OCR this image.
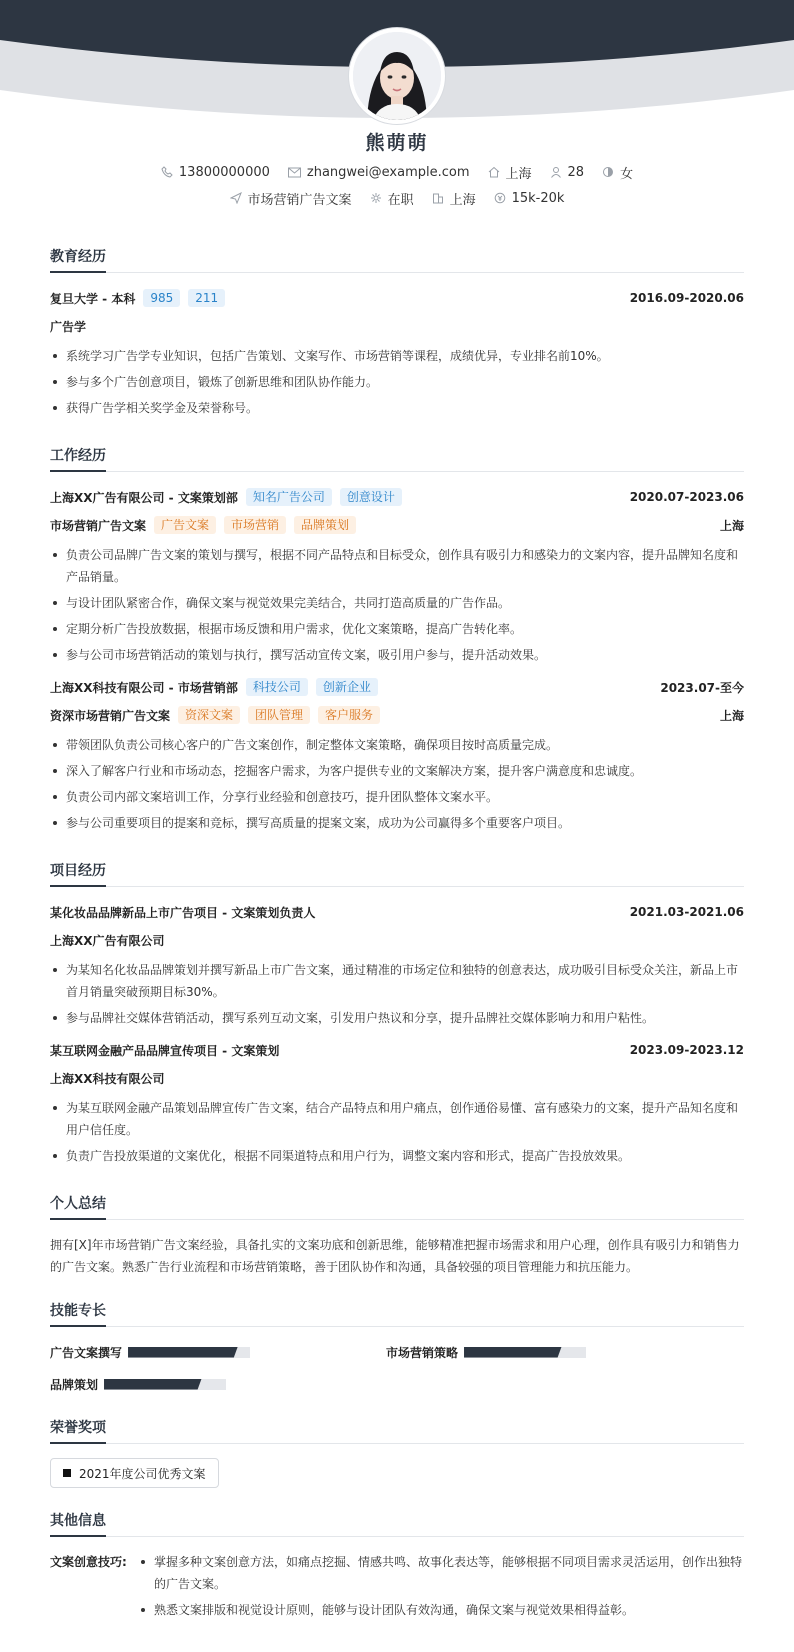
熊萌萌
13800000000	zhangwei@example.com	上海	28	女
市场营销广告文案	在职	上海	15k-20k
教育经历
复旦大学 - 本科	985	211	2016.09-2020.06
广告学
系统学习广告学专业知识，包括广告策划、文案写作、市场营销等课程，成绩优异，专业排名前10%。
参与多个广告创意项目，锻炼了创新思维和团队协作能力。
获得广告学相关奖学金及荣誉称号。
工作经历
上海XX广告有限公司 - 文案策划部	知名广告公司	创意设计	2020.07-2023.06
市场营销广告文案	广告文案	市场营销	品牌策划	上海
负责公司品牌广告文案的策划与撰写，根据不同产品特点和目标受众，创作具有吸引力和感染力的文案内容，提升品牌知名度和产品销量。
与设计团队紧密合作，确保文案与视觉效果完美结合，共同打造高质量的广告作品。
定期分析广告投放数据，根据市场反馈和用户需求，优化文案策略，提高广告转化率。
参与公司市场营销活动的策划与执行，撰写活动宣传文案，吸引用户参与，提升活动效果。
上海XX科技有限公司 - 市场营销部	科技公司	创新企业	2023.07-至今
资深市场营销广告文案	资深文案	团队管理	客户服务	上海
带领团队负责公司核心客户的广告文案创作，制定整体文案策略，确保项目按时高质量完成。
深入了解客户行业和市场动态，挖掘客户需求，为客户提供专业的文案解决方案，提升客户满意度和忠诚度。
负责公司内部文案培训工作，分享行业经验和创意技巧，提升团队整体文案水平。
参与公司重要项目的提案和竞标，撰写高质量的提案文案，成功为公司赢得多个重要客户项目。
项目经历
某化妆品品牌新品上市广告项目 - 文案策划负责人	2021.03-2021.06
上海XX广告有限公司
为某知名化妆品品牌策划并撰写新品上市广告文案，通过精准的市场定位和独特的创意表达，成功吸引目标受众关注，新品上市首月销量突破预期目标30%。
参与品牌社交媒体营销活动，撰写系列互动文案，引发用户热议和分享，提升品牌社交媒体影响力和用户粘性。
某互联网金融产品品牌宣传项目 - 文案策划	2023.09-2023.12
上海XX科技有限公司
为某互联网金融产品策划品牌宣传广告文案，结合产品特点和用户痛点，创作通俗易懂、富有感染力的文案，提升产品知名度和用户信任度。
负责广告投放渠道的文案优化，根据不同渠道特点和用户行为，调整文案内容和形式，提高广告投放效果。
个人总结

拥有[X]年市场营销广告文案经验，具备扎实的文案功底和创新思维，能够精准把握市场需求和用户心理，创作具有吸引力和销售力的广告文案。熟悉广告行业流程和市场营销策略，善于团队协作和沟通，具备较强的项目管理能力和抗压能力。

技能专长
广告文案撰写	市场营销策略
品牌策划
荣誉奖项
2021年度公司优秀文案
其他信息
文案创意技巧:	掌握多种文案创意方法，如痛点挖掘、情感共鸣、故事化表达等，能够根据不同项目需求灵活运用，创作出独特的广告文案。
熟悉文案排版和视觉设计原则，能够与设计团队有效沟通，确保文案与视觉效果相得益彰。
